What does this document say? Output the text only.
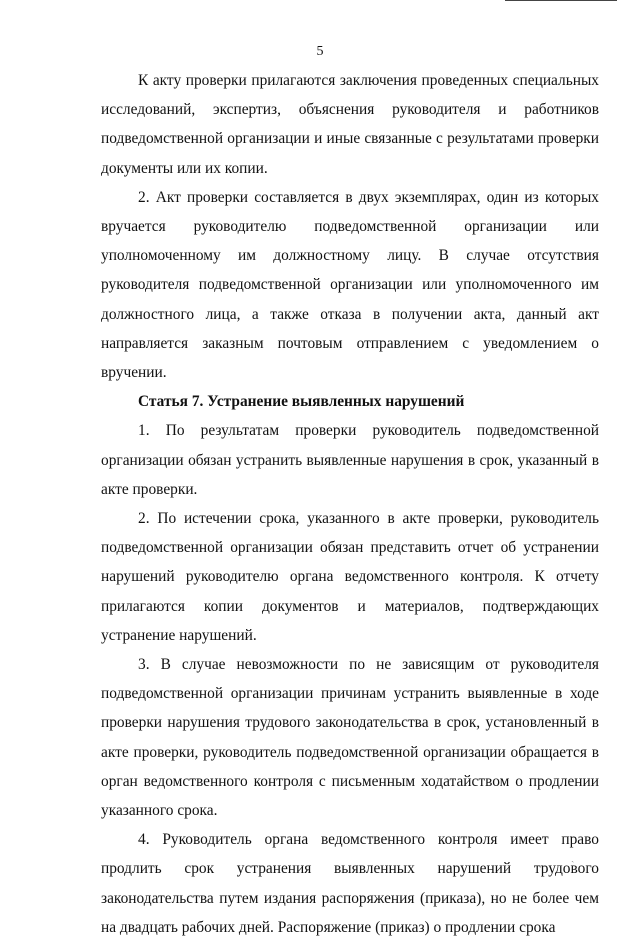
5

К акту проверки прилагаются заключения проведенных специальных исследований, экспертиз, объяснения руководителя и работников подведомственной организации и иные связанные с результатами проверки документы или их копии.

2. Акт проверки составляется в двух экземплярах, один из которых вручается руководителю подведомственной организации или уполномоченному им должностному лицу. В случае отсутствия руководителя подведомственной организации или уполномоченного им должностного лица, а также отказа в получении акта, данный акт направляется заказным почтовым отправлением с уведомлением о вручении.

Статья 7. Устранение выявленных нарушений

1. По результатам проверки руководитель подведомственной организации обязан устранить выявленные нарушения в срок, указанный в акте проверки.

2. По истечении срока, указанного в акте проверки, руководитель подведомственной организации обязан представить отчет об устранении нарушений руководителю органа ведомственного контроля. К отчету прилагаются копии документов и материалов, подтверждающих устранение нарушений.

3. В случае невозможности по не зависящим от руководителя подведомственной организации причинам устранить выявленные в ходе проверки нарушения трудового законодательства в срок, установленный в акте проверки, руководитель подведомственной организации обращается в орган ведомственного контроля с письменным ходатайством о продлении указанного срока.

4. Руководитель органа ведомственного контроля имеет право продлить срок устранения выявленных нарушений трудового законодательства путем издания распоряжения (приказа), но не более чем на двадцать рабочих дней. Распоряжение (приказ) о продлении срока

ˎ
